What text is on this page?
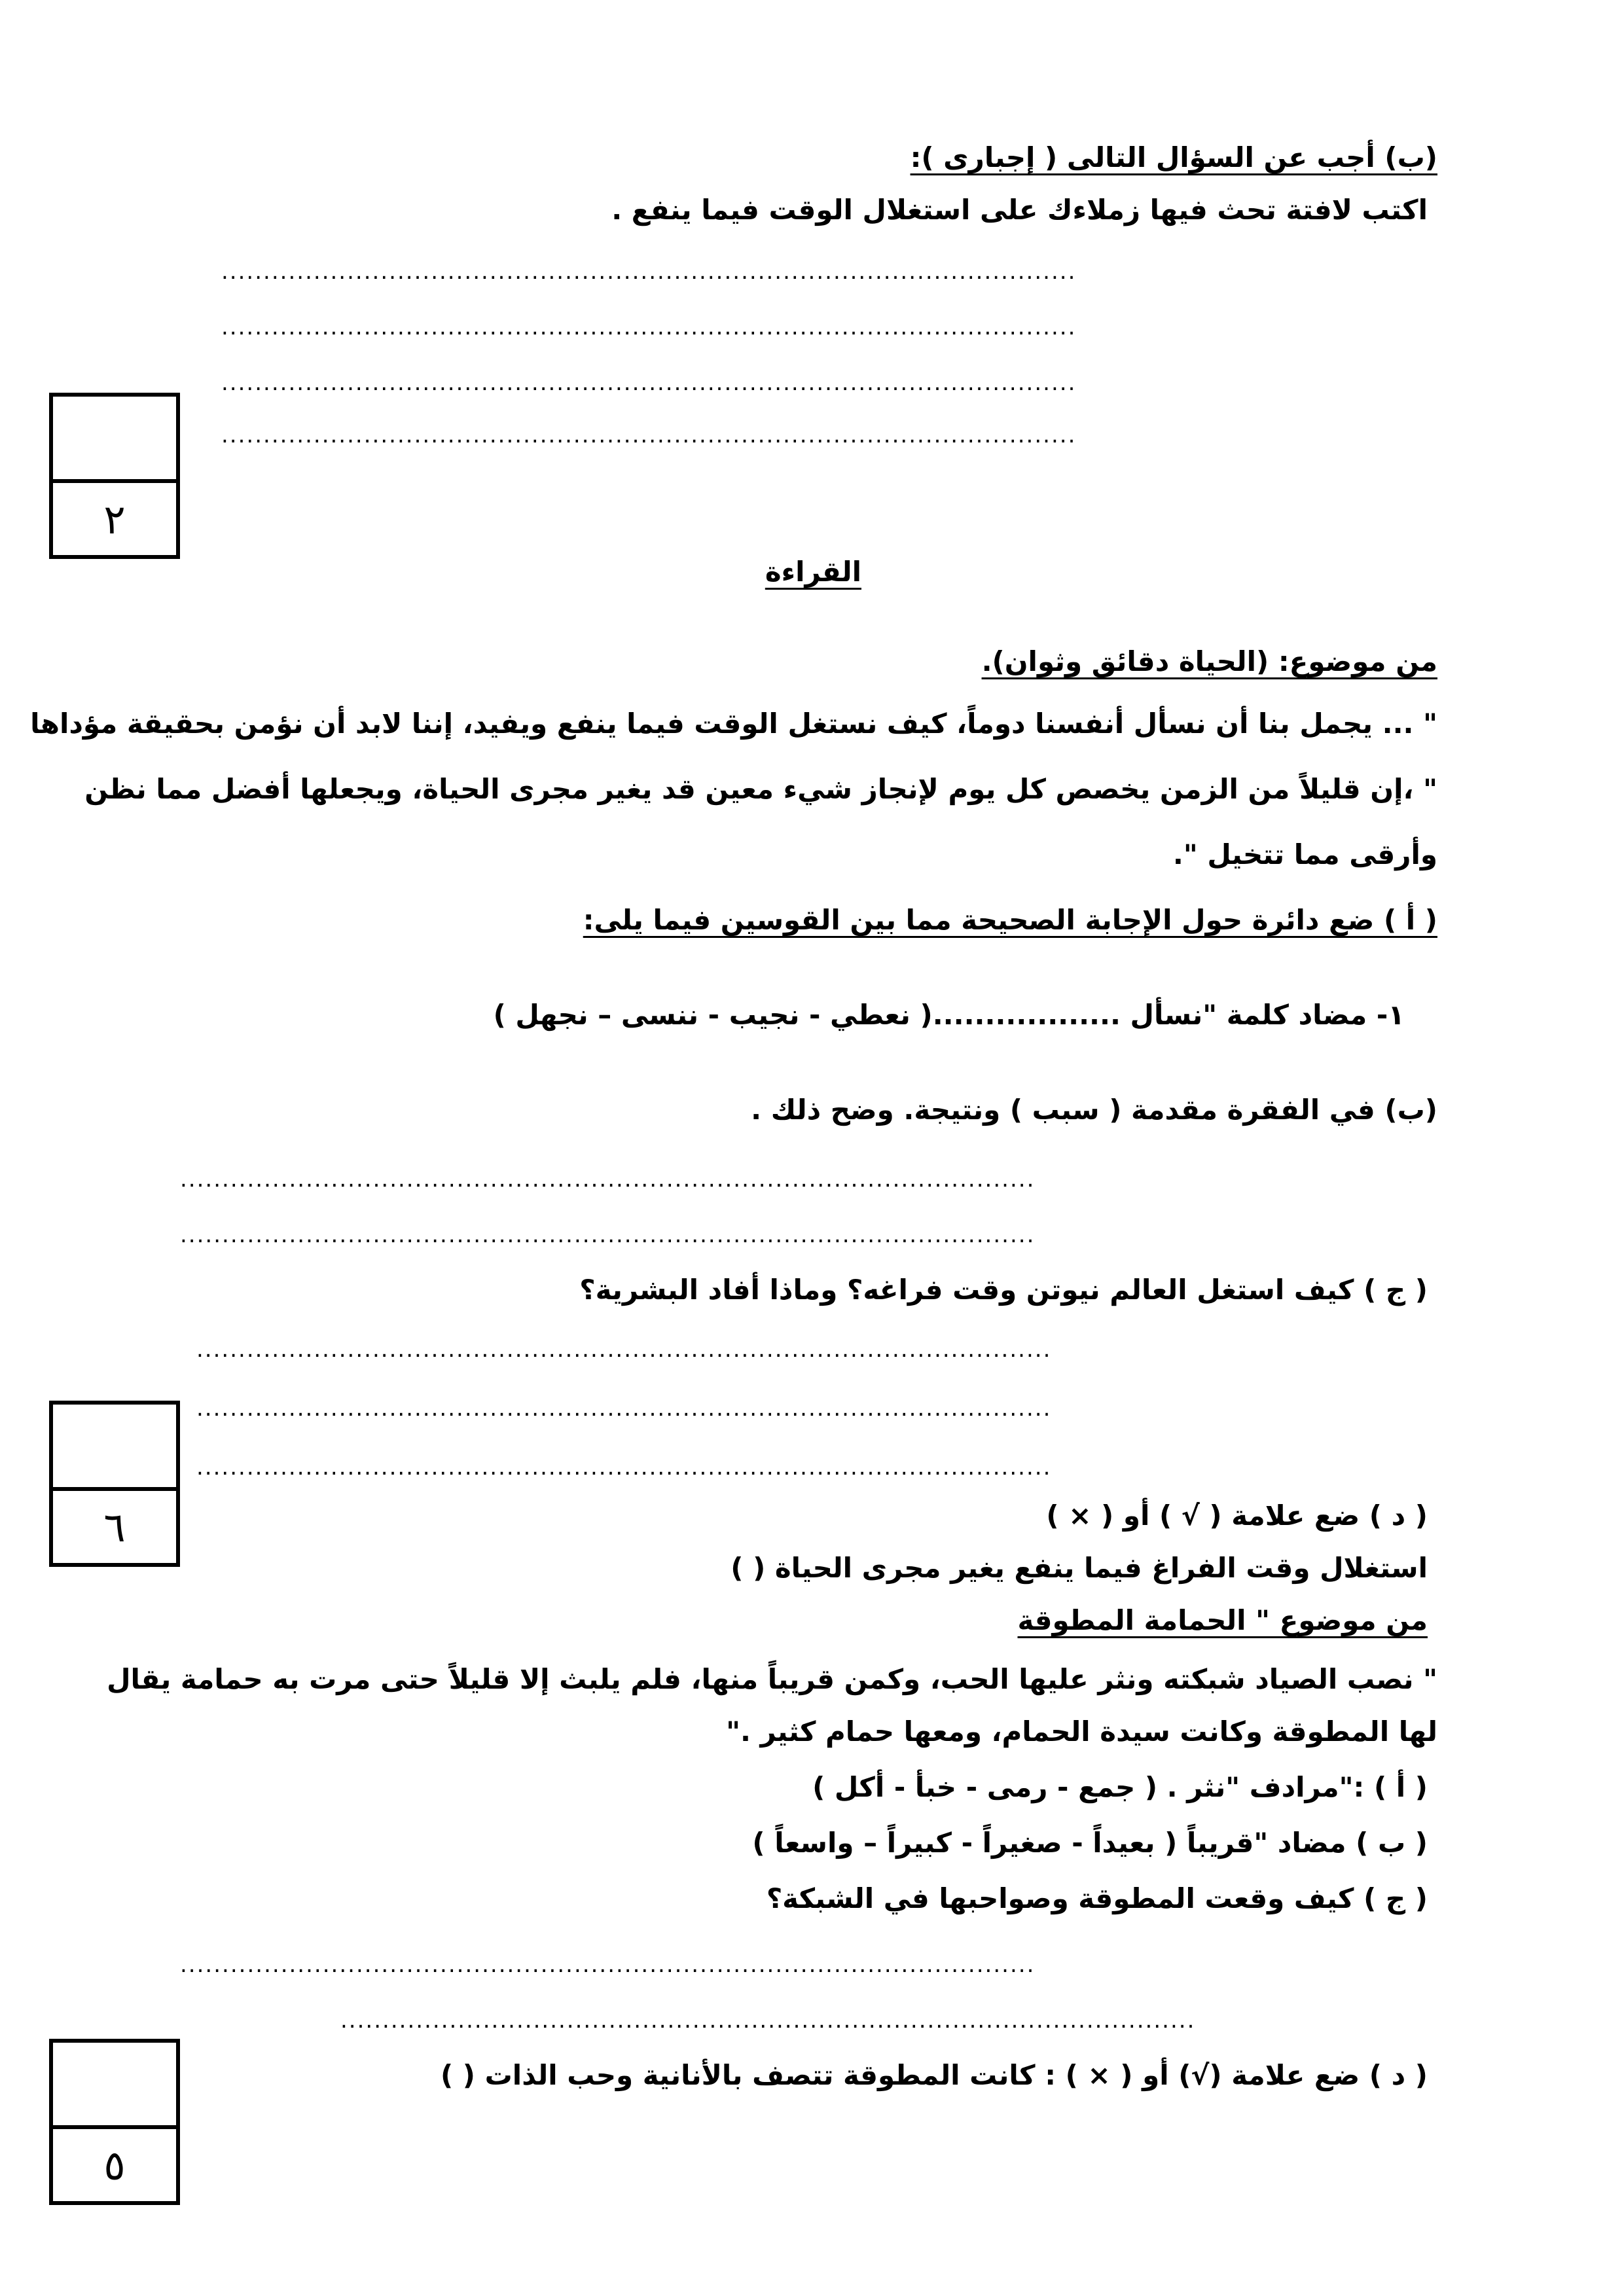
(ب) أجب عن السؤال التالى ( إجبارى ):
اكتب لافتة تحث فيها زملاءك على استغلال الوقت فيما ينفع .
......................................................................................................
......................................................................................................
......................................................................................................
......................................................................................................
٢
القراءة
من موضوع: (الحياة دقائق وثوان).
" ... يجمل بنا أن نسأل أنفسنا دوماً، كيف نستغل الوقت فيما ينفع ويفيد، إننا لابد أن نؤمن بحقيقة مؤداها
" ،إن قليلاً من الزمن يخصص كل يوم لإنجاز شيء معين قد يغير مجرى الحياة، ويجعلها أفضل مما نظن
وأرقى مما تتخيل ".
( أ ) ضع دائرة حول الإجابة الصحيحة مما بين القوسين فيما يلى:
١- مضاد كلمة "نسأل ..................( نعطي - نجيب - ننسى – نجهل )
(ب) في الفقرة مقدمة ( سبب ) ونتيجة. وضح ذلك .
......................................................................................................
......................................................................................................
( ج ) كيف استغل العالم نيوتن وقت فراغه؟ وماذا أفاد البشرية؟
......................................................................................................
......................................................................................................
......................................................................................................
٦	( د ) ضع علامة ( √ ) أو ( × )
استغلال وقت الفراغ فيما ينفع يغير مجرى الحياة ( )
من موضوع " الحمامة المطوقة
" نصب الصياد شبكته ونثر عليها الحب، وكمن قريباً منها، فلم يلبث إلا قليلاً حتى مرت به حمامة يقال
لها المطوقة وكانت سيدة الحمام، ومعها حمام كثير ."
( أ ) :"مرادف "نثر . ( جمع - رمى - خبأ - أكل )
( ب ) مضاد "قريباً ( بعيداً - صغيراً - كبيراً – واسعاً )
( ج ) كيف وقعت المطوقة وصواحبها في الشبكة؟
......................................................................................................
......................................................................................................
( د ) ضع علامة (√) أو ( × ) : كانت المطوقة تتصف بالأنانية وحب الذات ( )
٥
